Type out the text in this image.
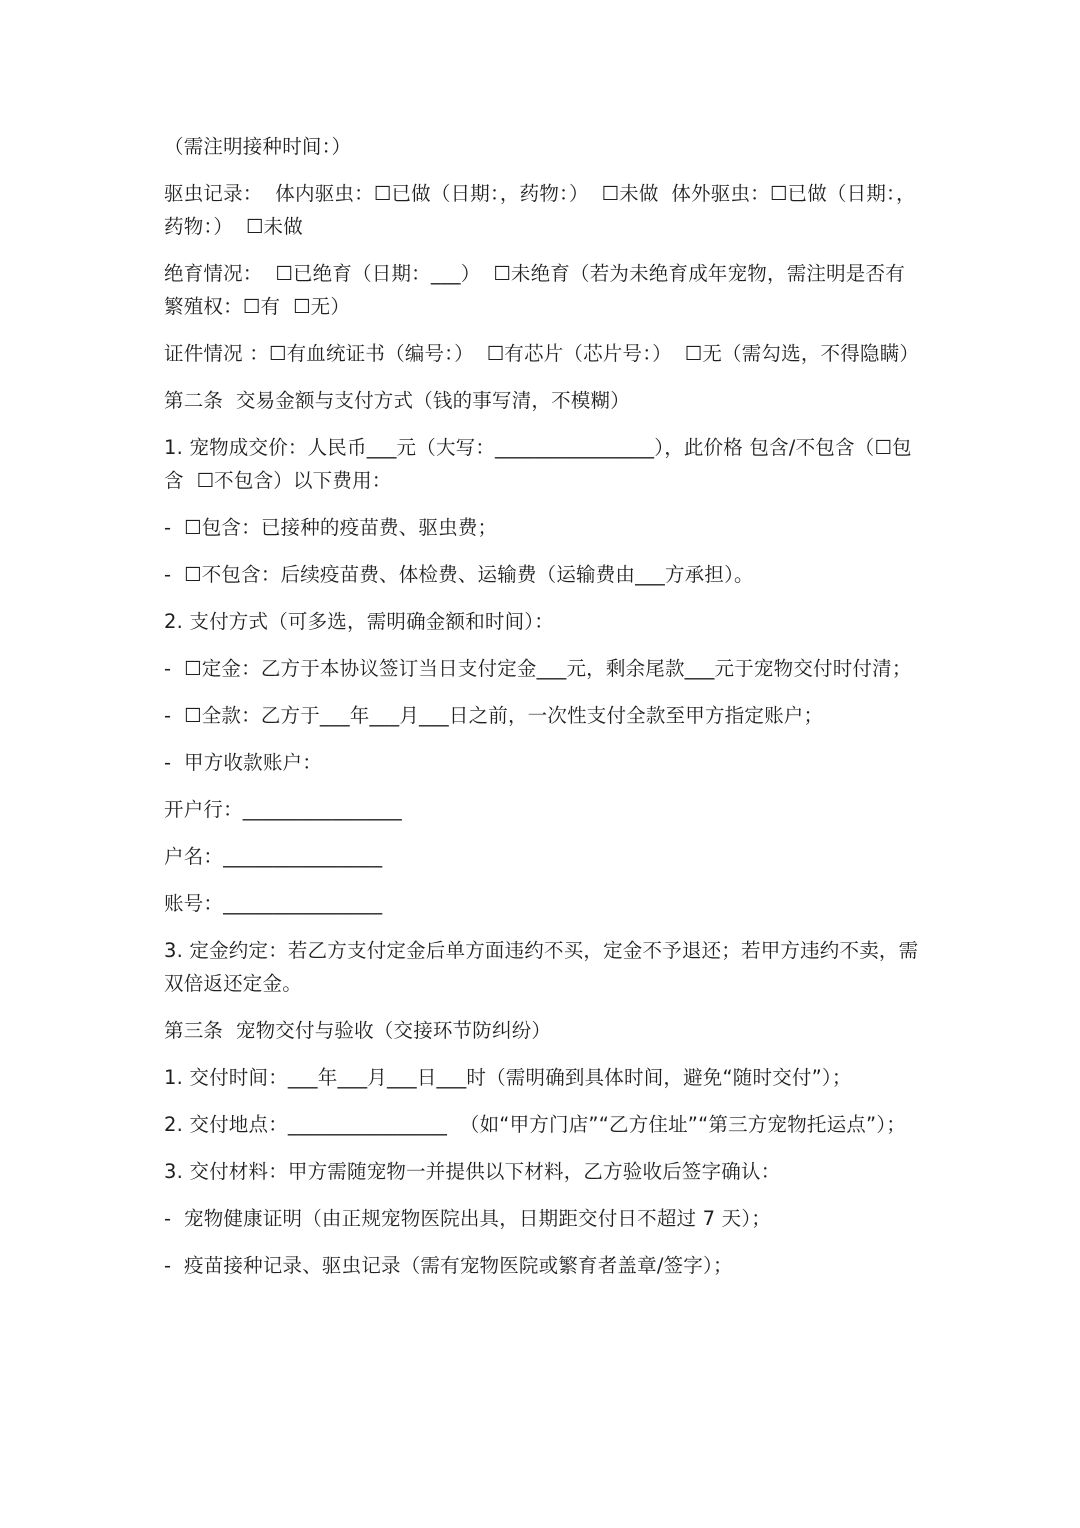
（需注明接种时间：）

驱虫记录：  体内驱虫：☐已做（日期：，药物：）  ☐未做  体外驱虫：☐已做（日期：，药物：）  ☐未做

绝育情况：  ☐已绝育（日期：___）  ☐未绝育（若为未绝育成年宠物，需注明是否有繁殖权：☐有  ☐无）

证件情况 ：☐有血统证书（编号：）  ☐有芯片（芯片号：）  ☐无（需勾选，不得隐瞒）

第二条  交易金额与支付方式（钱的事写清，不模糊）

1. 宠物成交价：人民币___元（大写：________________），此价格 包含/不包含（☐包含  ☐不包含）以下费用：

-  ☐包含：已接种的疫苗费、驱虫费；

-  ☐不包含：后续疫苗费、体检费、运输费（运输费由___方承担）。

2. 支付方式（可多选，需明确金额和时间）：

-  ☐定金：乙方于本协议签订当日支付定金___元，剩余尾款___元于宠物交付时付清；

-  ☐全款：乙方于___年___月___日之前，一次性支付全款至甲方指定账户；

-  甲方收款账户：

开户行：________________

户名：________________

账号：________________

3. 定金约定：若乙方支付定金后单方面违约不买，定金不予退还；若甲方违约不卖，需双倍返还定金。

第三条  宠物交付与验收（交接环节防纠纷）

1. 交付时间：___年___月___日___时（需明确到具体时间，避免“随时交付”）；

2. 交付地点：________________  （如“甲方门店”“乙方住址”“第三方宠物托运点”）；

3. 交付材料：甲方需随宠物一并提供以下材料，乙方验收后签字确认：

-  宠物健康证明（由正规宠物医院出具，日期距交付日不超过 7 天）；

-  疫苗接种记录、驱虫记录（需有宠物医院或繁育者盖章/签字）；
